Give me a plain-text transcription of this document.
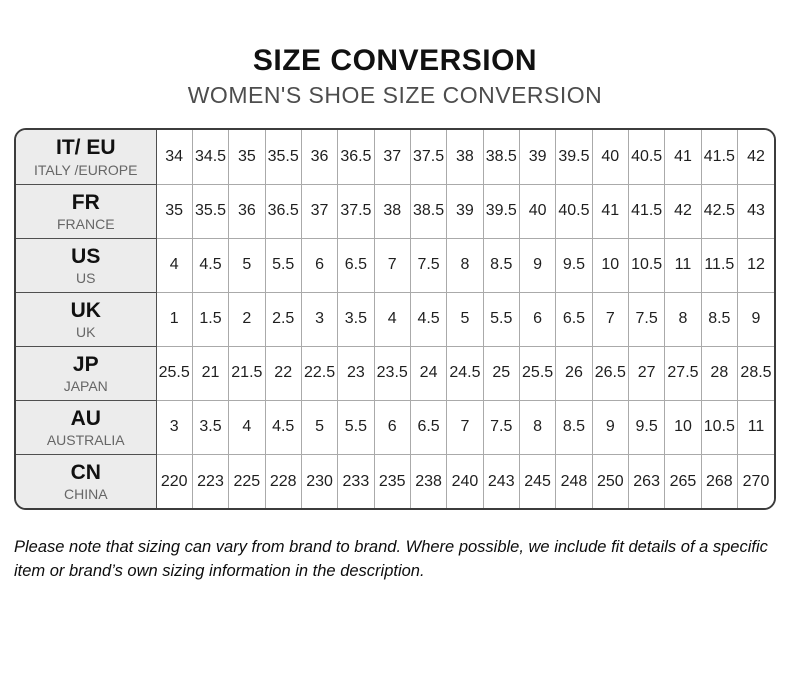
SIZE CONVERSION
WOMEN'S SHOE SIZE CONVERSION
IT/ EU
ITALY /EUROPE	34	34.5	35	35.5	36	36.5	37	37.5	38	38.5	39	39.5	40	40.5	41	41.5	42

FR
FRANCE	35	35.5	36	36.5	37	37.5	38	38.5	39	39.5	40	40.5	41	41.5	42	42.5	43

US
US	4	4.5	5	5.5	6	6.5	7	7.5	8	8.5	9	9.5	10	10.5	11	11.5	12

UK
UK	1	1.5	2	2.5	3	3.5	4	4.5	5	5.5	6	6.5	7	7.5	8	8.5	9

JP
JAPAN	25.5	21	21.5	22	22.5	23	23.5	24	24.5	25	25.5	26	26.5	27	27.5	28	28.5

AU
AUSTRALIA	3	3.5	4	4.5	5	5.5	6	6.5	7	7.5	8	8.5	9	9.5	10	10.5	11

CN
CHINA	220	223	225	228	230	233	235	238	240	243	245	248	250	263	265	268	270

Please note that sizing can vary from brand to brand. Where possible, we include fit details of a specific item or brand’s own sizing information in the description.
